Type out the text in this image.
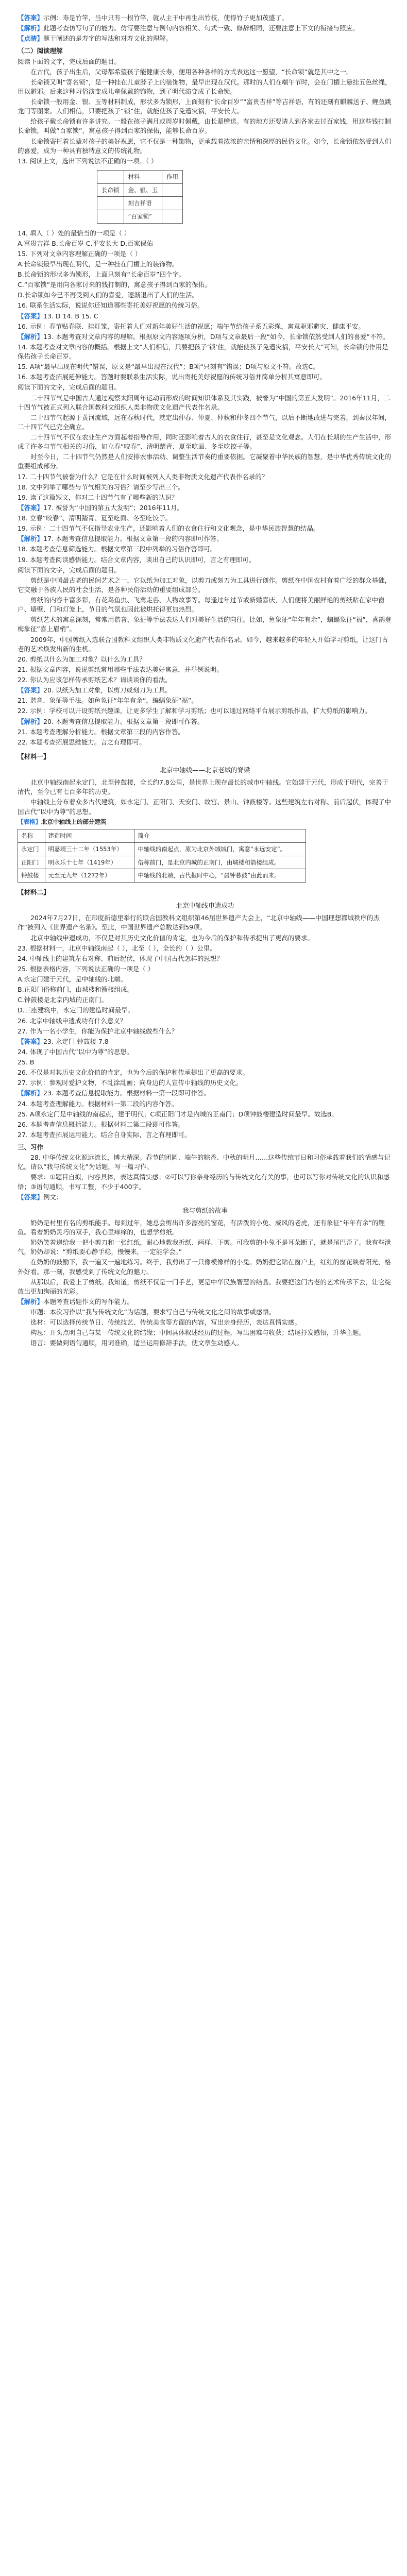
【答案】示例：寿是竹竿，当中只有一根竹竿，就从主干中再生出竹枝，使得竹子更加茂盛了。

【解析】此题考查仿写句子的能力。仿写要注意与例句内容相关、句式一致、修辞相同，还要注意上下文的衔接与照应。

【点睛】题干阐述的是寿字的写法和对寿文化的理解。

（二）阅读理解

阅读下面的文字，完成后面的题目。

在古代，孩子出生后，父母都希望孩子能健康长寿，便用各种各样的方式表达这一愿望，“长命锁”就是其中之一。

长命锁又叫“寄名锁”，是一种挂在儿童脖子上的装饰物，最早出现在汉代。那时的人们在端午节时，会在门楣上悬挂五色丝绳，用以避邪。后来这种习俗演变成儿童佩戴的饰物，到了明代演变成了长命锁。

长命锁一般用金、银、玉等材料制成，形状多为锁形，上面刻有“长命百岁”“富贵吉祥”等吉祥语，有的还刻有麒麟送子、鲤鱼跳龙门等图案。人们相信，只要把孩子“锁”住，就能使孩子免遭灾祸，平安长大。

给孩子戴长命锁有许多讲究。一般在孩子满月或周岁时佩戴，由长辈赠送。有的地方还要请人到各家去讨百家钱，用这些钱打制长命锁，叫做“百家锁”，寓意孩子得到百家的保佑，能够长命百岁。

长命锁寄托着长辈对孩子的美好祝愿，它不仅是一种饰物，更承载着浓浓的亲情和深厚的民俗文化。如今，长命锁依然受到人们的喜爱，成为一种具有独特意义的传统礼物。

13. 阅读上文，选出下列说法不正确的一项。（ ）

	材料	作用
长命锁	金、银、玉	
	刻吉祥语	
	“百家锁”	

14. 填入（ ）处的最恰当的一项是（ ）

A.富贵吉祥 B.长命百岁 C.平安长大 D.百家保佑

15. 下列对文章内容理解正确的一项是（ ）

A.长命锁最早出现在明代，是一种挂在门楣上的装饰物。

B.长命锁的形状多为锁形，上面只刻有“长命百岁”四个字。

C.“百家锁”是用向各家讨来的钱打制的，寓意孩子得到百家的保佑。

D.长命锁如今已不再受到人们的喜爱，逐渐退出了人们的生活。

16. 联系生活实际，说说你还知道哪些寄托美好祝愿的传统习俗。

【答案】13. D 14. B 15. C

16. 示例：春节贴春联、挂灯笼，寄托着人们对新年美好生活的祝愿；端午节给孩子系五彩绳，寓意驱邪避灾、健康平安。

【解析】13. 本题考查对文章内容的理解。根据原文内容逐项分析，D项与文章最后一段“如今，长命锁依然受到人们的喜爱”不符。

14. 本题考查对文章内容的概括。根据上文“人们相信，只要把孩子‘锁’住，就能使孩子免遭灾祸，平安长大”可知，长命锁的作用是保佑孩子长命百岁。

15. A项“最早出现在明代”错误，原文是“最早出现在汉代”；B项“只刻有”错误；D项与原文不符。故选C。

16. 本题考查拓展延伸能力。答题时要联系生活实际，说出寄托美好祝愿的传统习俗并简单分析其寓意即可。

阅读下面的文字，完成后面的题目。

二十四节气是中国古人通过观察太阳周年运动而形成的时间知识体系及其实践，被誉为“中国的第五大发明”。2016年11月，二十四节气被正式列入联合国教科文组织人类非物质文化遗产代表作名录。

二十四节气起源于黄河流域，远在春秋时代，就定出仲春、仲夏、仲秋和仲冬四个节气，以后不断地改进与完善，到秦汉年间，二十四节气已完全确立。

二十四节气不仅在农业生产方面起着指导作用，同时还影响着古人的衣食住行，甚至是文化观念。人们在长期的生产生活中，形成了许多与节气相关的习俗，如立春“咬春”、清明踏青、夏至吃面、冬至吃饺子等。

时至今日，二十四节气仍然是人们安排农事活动、调整生活节奏的重要依据。它凝聚着中华民族的智慧，是中华优秀传统文化的重要组成部分。

17. 二十四节气被誉为什么？它是在什么时间被列入人类非物质文化遗产代表作名录的？

18. 文中列举了哪些与节气相关的习俗？请至少写出三个。

19. 读了这篇短文，你对二十四节气有了哪些新的认识？

【答案】17. 被誉为“中国的第五大发明”；2016年11月。

18. 立春“咬春”、清明踏青、夏至吃面、冬至吃饺子。

19. 示例：二十四节气不仅指导农业生产，还影响着人们的衣食住行和文化观念，是中华民族智慧的结晶。

【解析】17. 本题考查信息提取能力。根据文章第一段的内容即可作答。

18. 本题考查信息筛选能力。根据文章第三段中列举的习俗作答即可。

19. 本题考查阅读感悟能力。结合文章内容，谈出自己的认识即可，言之有理即可。

阅读下面的文字，完成后面的题目。

剪纸是中国最古老的民间艺术之一，它以纸为加工对象，以剪刀或刻刀为工具进行创作。剪纸在中国农村有着广泛的群众基础，它交融于各族人民的社会生活，是各种民俗活动的重要组成部分。

剪纸的内容丰富多彩，有花鸟鱼虫、飞禽走兽、人物故事等。每逢过年过节或新婚喜庆，人们便将美丽鲜艳的剪纸贴在家中窗户、墙壁、门和灯笼上，节日的气氛也因此被烘托得更加热烈。

剪纸艺术的寓意深刻，常常用谐音、象征等手法表达人们对美好生活的向往。比如，鱼象征“年年有余”，蝙蝠象征“福”，喜鹊登梅象征“喜上眉梢”。

2009年，中国剪纸入选联合国教科文组织人类非物质文化遗产代表作名录。如今，越来越多的年轻人开始学习剪纸，让这门古老的艺术焕发出新的生机。

20. 剪纸以什么为加工对象？以什么为工具？

21. 根据文章内容，说说剪纸常用哪些手法表达美好寓意，并举例说明。

22. 你认为应该怎样传承剪纸艺术？请谈谈你的看法。

【答案】20. 以纸为加工对象，以剪刀或刻刀为工具。

21. 谐音、象征等手法。如鱼象征“年年有余”，蝙蝠象征“福”。

22. 示例：学校可以开设剪纸兴趣课，让更多学生了解和学习剪纸；也可以通过网络平台展示剪纸作品，扩大剪纸的影响力。

【解析】20. 本题考查信息提取能力。根据文章第一段即可作答。

21. 本题考查理解分析能力。根据文章第三段的内容作答。

22. 本题考查拓展思维能力。言之有理即可。

【材料一】

北京中轴线——北京老城的脊梁

北京中轴线南起永定门，北至钟鼓楼，全长约7.8公里，是世界上现存最长的城市中轴线。它始建于元代，形成于明代，完善于清代，至今已有七百多年的历史。

中轴线上分布着众多古代建筑，如永定门、正阳门、天安门、故宫、景山、钟鼓楼等。这些建筑左右对称、前后起伏，体现了中国古代“以中为尊”的思想。

【表格】北京中轴线上的部分建筑

名称	建造时间	简介
永定门	明嘉靖三十二年（1553年）	中轴线的南起点，原为北京外城城门，寓意“永远安定”。
正阳门	明永乐十七年（1419年）	俗称前门，是北京内城的正南门，由城楼和箭楼组成。
钟鼓楼	元至元九年（1272年）	中轴线的北端，古代报时中心，“晨钟暮鼓”由此而来。

【材料二】

北京中轴线申遗成功

2024年7月27日，在印度新德里举行的联合国教科文组织第46届世界遗产大会上，“北京中轴线——中国理想都城秩序的杰作”被列入《世界遗产名录》。至此，中国世界遗产总数达到59项。

北京中轴线申遗成功，不仅是对其历史文化价值的肯定，也为今后的保护和传承提出了更高的要求。

23. 根据材料一，北京中轴线南起（ ），北至（ ），全长约（ ）公里。

24. 中轴线上的建筑左右对称、前后起伏，体现了中国古代怎样的思想？

25. 根据表格内容，下列说法正确的一项是（ ）

A.永定门建于元代，是中轴线的北端。

B.正阳门俗称前门，由城楼和箭楼组成。

C.钟鼓楼是北京内城的正南门。

D.三座建筑中，永定门的建造时间最早。

26. 北京中轴线申遗成功有什么意义？

27. 作为一名小学生，你能为保护北京中轴线做些什么？

【答案】23. 永定门 钟鼓楼 7.8

24. 体现了中国古代“以中为尊”的思想。

25. B

26. 不仅是对其历史文化价值的肯定，也为今后的保护和传承提出了更高的要求。

27. 示例：参观时爱护文物，不乱涂乱画；向身边的人宣传中轴线的历史文化。

【解析】23. 本题考查信息提取能力。根据材料一第一段即可作答。

24. 本题考查理解能力。根据材料一第二段的内容作答。

25. A项永定门是中轴线的南起点，建于明代；C项正阳门才是内城的正南门；D项钟鼓楼建造时间最早。故选B。

26. 本题考查信息概括能力。根据材料二第二段即可作答。

27. 本题考查拓展运用能力。结合自身实际，言之有理即可。

三、习作

28. 中华传统文化源远流长，博大精深。春节的团圆、端午的粽香、中秋的明月……这些传统节日和习俗承载着我们的情感与记忆。请以“我与传统文化”为话题，写一篇习作。

要求：①题目自拟，内容具体，表达真情实感；②可以写你亲身经历的与传统文化有关的事，也可以写你对传统文化的认识和感悟；③语句通顺，书写工整，不少于400字。

【答案】例文：

我与剪纸的故事

奶奶是村里有名的剪纸能手。每到过年，她总会剪出许多漂亮的窗花，有活泼的小兔、威风的老虎，还有象征“年年有余”的鲤鱼。看着奶奶灵巧的双手，我心里痒痒的，也想学剪纸。

奶奶笑着递给我一把小剪刀和一张红纸，耐心地教我折纸、画样、下剪。可我剪的小兔不是耳朵断了，就是尾巴歪了。我有些泄气，奶奶却说：“剪纸要心静手稳，慢慢来，一定能学会。”

在奶奶的鼓励下，我一遍又一遍地练习。终于，我剪出了一只像模像样的小兔。奶奶把它贴在窗户上，红红的窗花映着阳光，格外好看。那一刻，我感受到了传统文化的魅力。

从那以后，我爱上了剪纸。我知道，剪纸不仅是一门手艺，更是中华民族智慧的结晶。我要把这门古老的艺术传承下去，让它绽放出更加绚丽的光彩。

【解析】本题考查话题作文的写作能力。

审题：本次习作以“我与传统文化”为话题，要求写自己与传统文化之间的故事或感悟。

选材：可以选择传统节日、传统技艺、传统美食等方面的内容，写出亲身经历，表达真情实感。

构思：开头点明自己与某一传统文化的结缘；中间具体叙述经历的过程，写出困难与收获；结尾抒发感悟，升华主题。

语言：要做到语句通顺，用词准确，适当运用修辞手法，使文章生动感人。
